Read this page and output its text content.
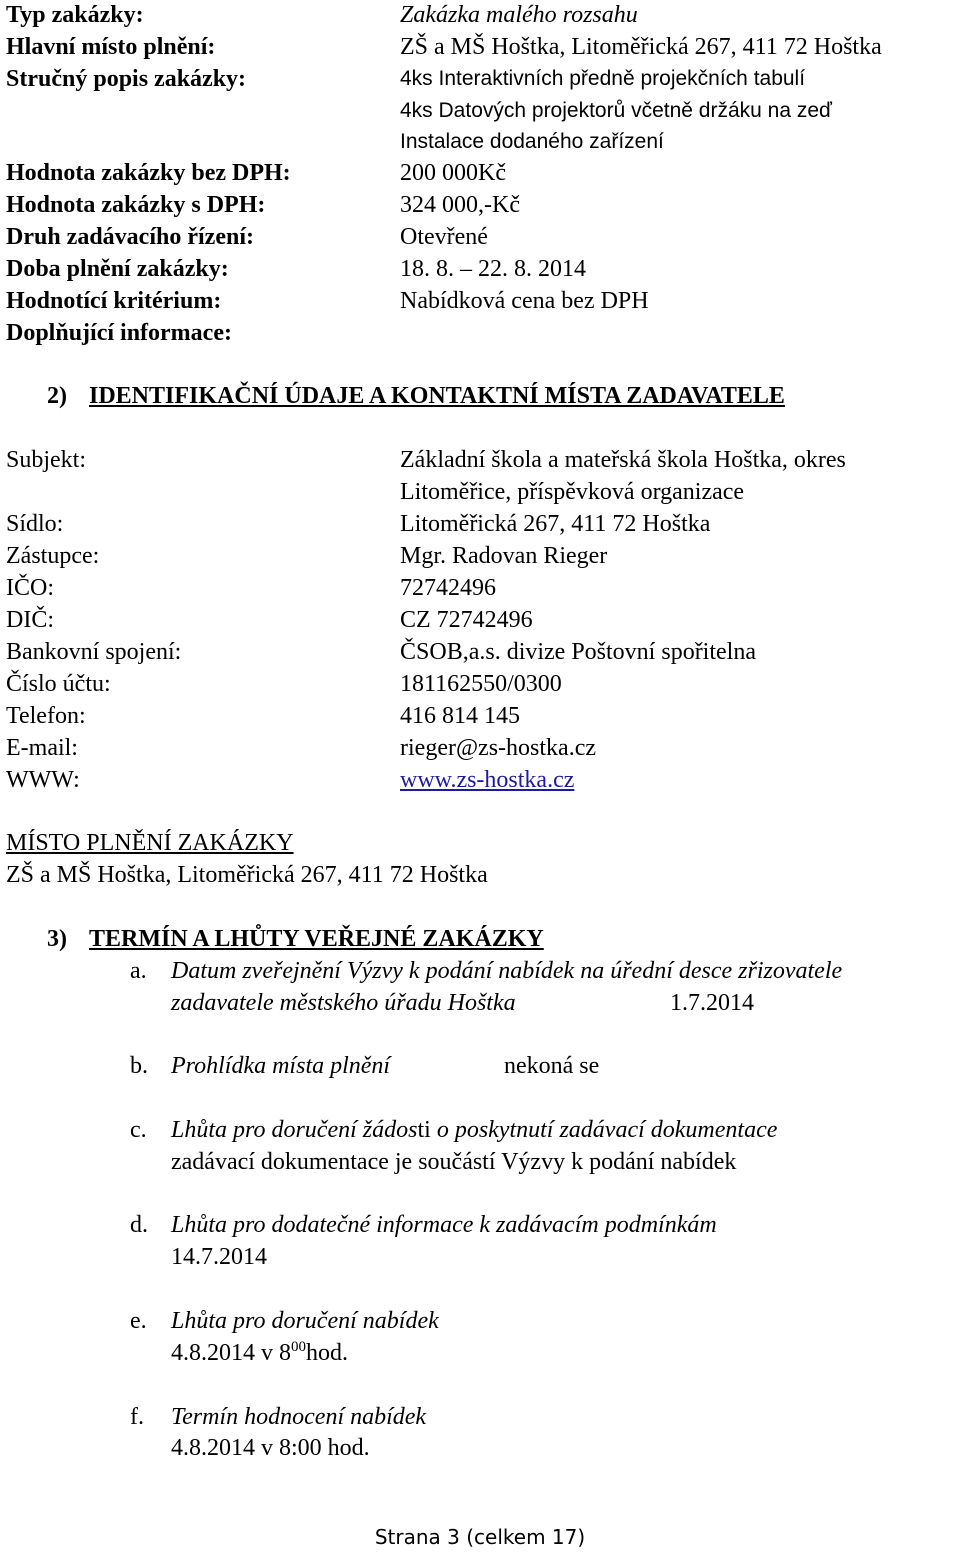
Typ zakázky:	Zakázka malého rozsahu
Hlavní místo plnění:	ZŠ a MŠ Hoštka, Litoměřická 267, 411 72 Hoštka
Stručný popis zakázky:	4ks Interaktivních předně projekčních tabulí
4ks Datových projektorů včetně držáku na zeď
Instalace dodaného zařízení
Hodnota zakázky bez DPH:	200 000Kč
Hodnota zakázky s DPH:	324 000,-Kč
Druh zadávacího řízení:	Otevřené
Doba plnění zakázky:	18. 8. – 22. 8. 2014
Hodnotící kritérium:	Nabídková cena bez DPH
Doplňující informace:
2) IDENTIFIKAČNÍ ÚDAJE A KONTAKTNÍ MÍSTA ZADAVATELE
Subjekt:	Základní škola a mateřská škola Hoštka, okres
Litoměřice, příspěvková organizace
Sídlo:	Litoměřická 267, 411 72 Hoštka
Zástupce:	Mgr. Radovan Rieger
IČO:	72742496
DIČ:	CZ 72742496
Bankovní spojení:	ČSOB,a.s. divize Poštovní spořitelna
Číslo účtu:	181162550/0300
Telefon:	416 814 145
E-mail:	rieger@zs-hostka.cz
WWW:	www.zs-hostka.cz
MÍSTO PLNĚNÍ ZAKÁZKY
ZŠ a MŠ Hoštka, Litoměřická 267, 411 72 Hoštka
3) TERMÍN A LHŮTY VEŘEJNÉ ZAKÁZKY
a. Datum zveřejnění Výzvy k podání nabídek na úřední desce zřizovatele
zadavatele městského úřadu Hoštka	1.7.2014
b. Prohlídka místa plnění	nekoná se
c. Lhůta pro doručení žádosti o poskytnutí zadávací dokumentace
zadávací dokumentace je součástí Výzvy k podání nabídek
d. Lhůta pro dodatečné informace k zadávacím podmínkám
14.7.2014
e. Lhůta pro doručení nabídek
4.8.2014 v $8^{00}hod$.
f. Termín hodnocení nabídek
4.8.2014 v 8:00 hod.
Strana 3 (celkem 17)
